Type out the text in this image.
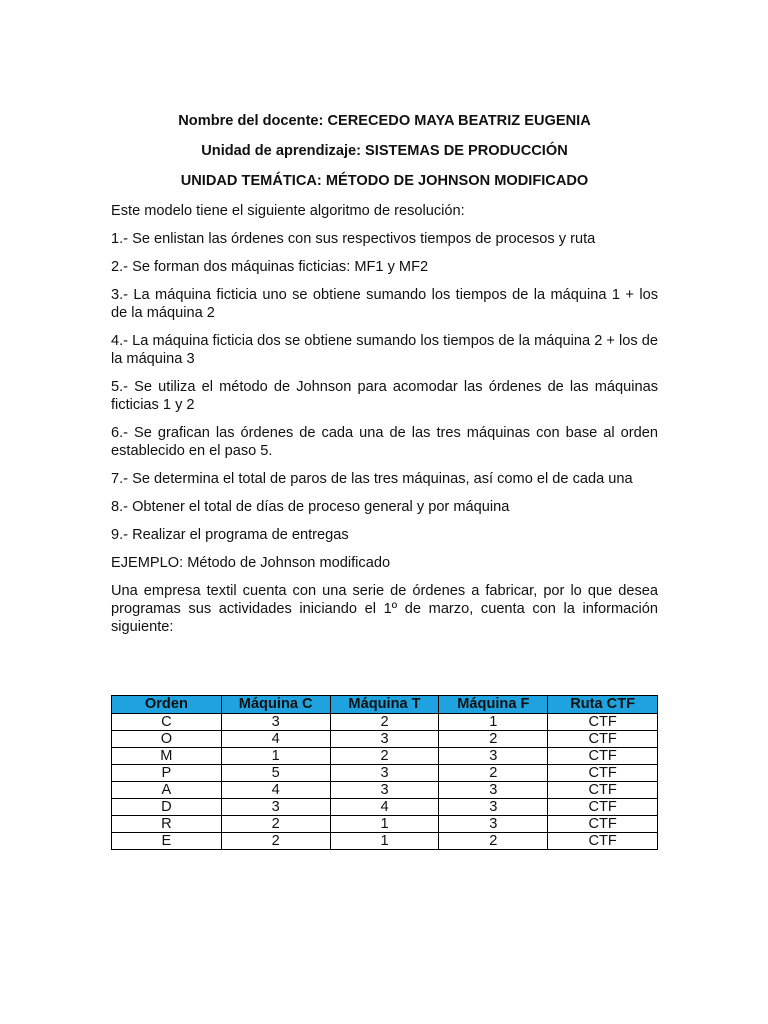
Nombre del docente: CERECEDO MAYA BEATRIZ EUGENIA

Unidad de aprendizaje: SISTEMAS DE PRODUCCIÓN

UNIDAD TEMÁTICA: MÉTODO DE JOHNSON MODIFICADO

Este modelo tiene el siguiente algoritmo de resolución:

1.- Se enlistan las órdenes con sus respectivos tiempos de procesos y ruta

2.- Se forman dos máquinas ficticias: MF1 y MF2

3.- La máquina ficticia uno se obtiene sumando los tiempos de la máquina 1 + los de la máquina 2

4.- La máquina ficticia dos se obtiene sumando los tiempos de la máquina 2 + los de la máquina 3

5.- Se utiliza el método de Johnson para acomodar las órdenes de las máquinas ficticias 1 y 2

6.- Se grafican las órdenes de cada una de las tres máquinas con base al orden establecido en el paso 5.

7.- Se determina el total de paros de las tres máquinas, así como el de cada una

8.- Obtener el total de días de proceso general y por máquina

9.- Realizar el programa de entregas

EJEMPLO: Método de Johnson modificado

Una empresa textil cuenta con una serie de órdenes a fabricar, por lo que desea programas sus actividades iniciando el 1º de marzo, cuenta con la información siguiente:

Orden	Máquina C	Máquina T	Máquina F	Ruta CTF
C	3	2	1	CTF
O	4	3	2	CTF
M	1	2	3	CTF
P	5	3	2	CTF
A	4	3	3	CTF
D	3	4	3	CTF
R	2	1	3	CTF
E	2	1	2	CTF
